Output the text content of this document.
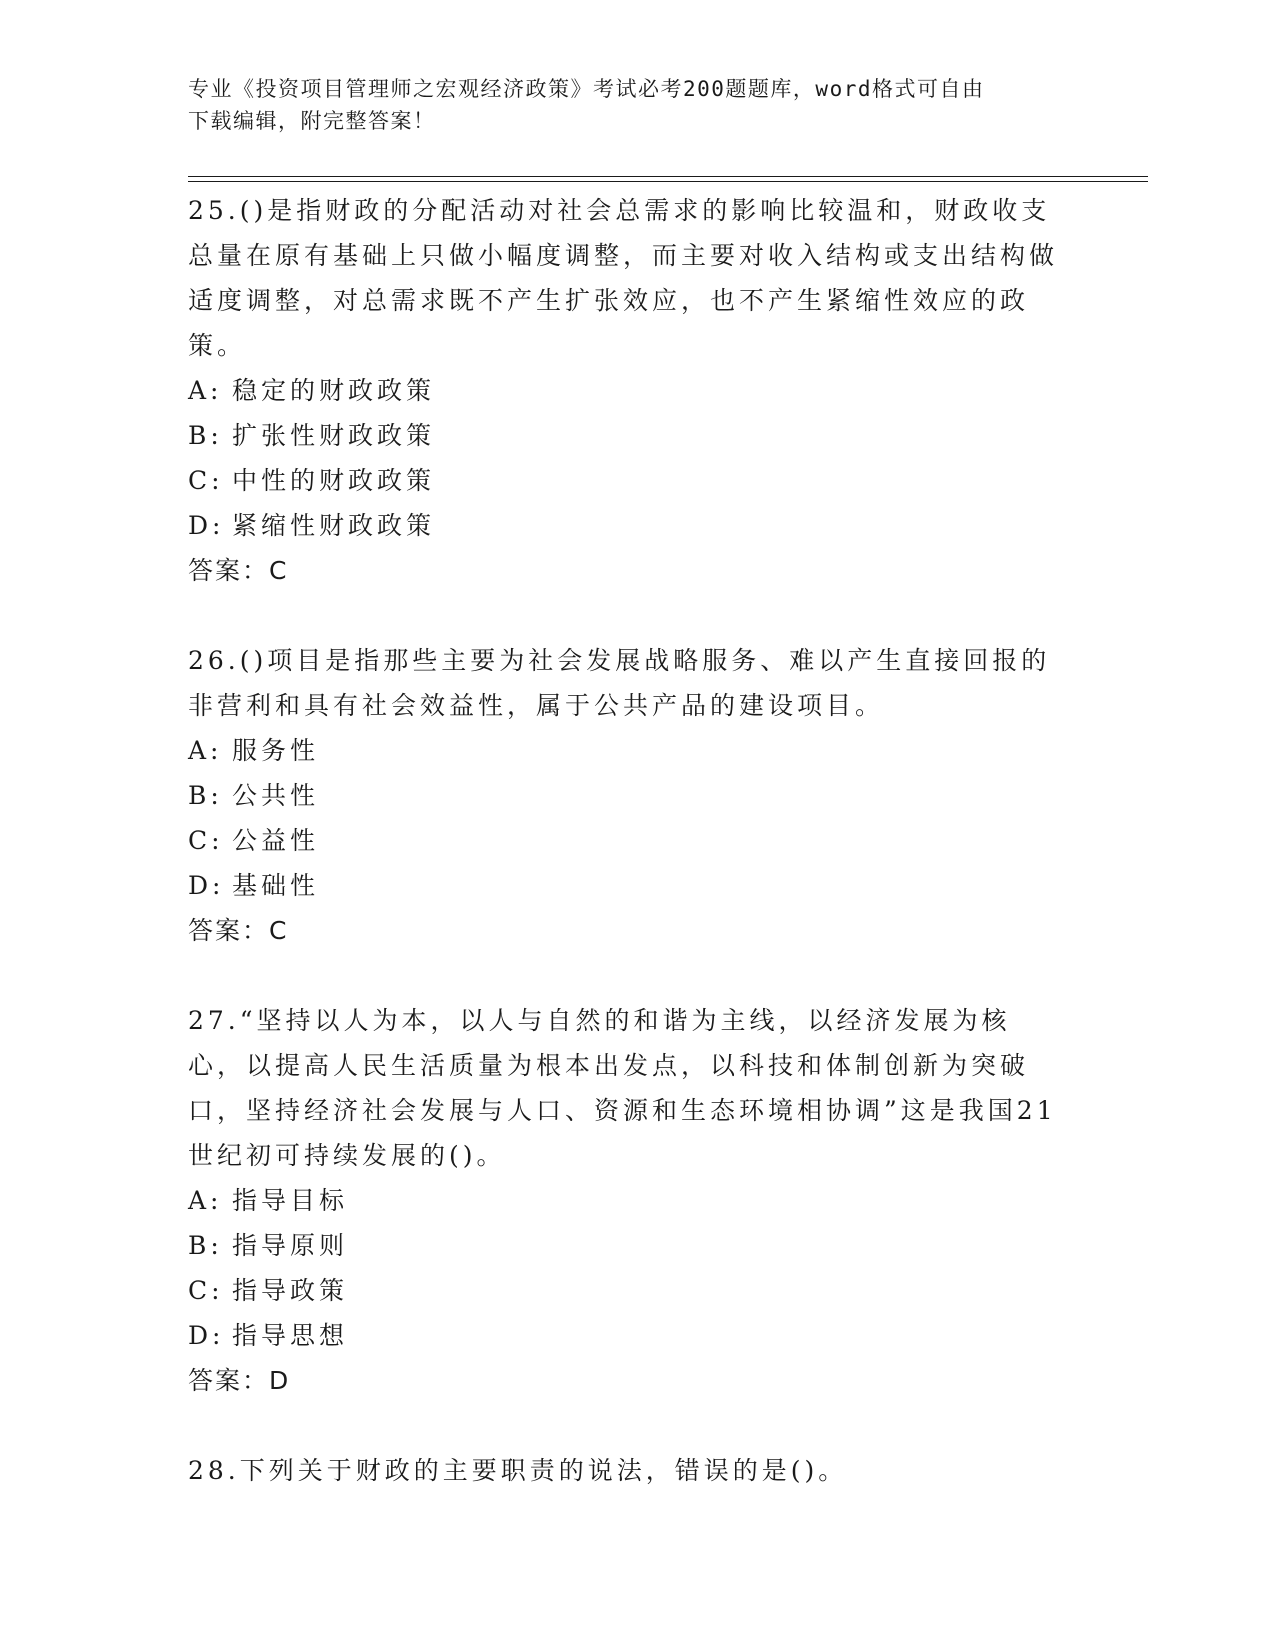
专业《投资项目管理师之宏观经济政策》考试必考200题题库，word格式可自由
下载编辑，附完整答案！
25.()是指财政的分配活动对社会总需求的影响比较温和，财政收支总量在原有基础上只做小幅度调整，而主要对收入结构或支出结构做适度调整，对总需求既不产生扩张效应，也不产生紧缩性效应的政策。
A: 稳定的财政政策
B: 扩张性财政政策
C: 中性的财政政策
D: 紧缩性财政政策
答案：C
26.()项目是指那些主要为社会发展战略服务、难以产生直接回报的非营利和具有社会效益性，属于公共产品的建设项目。
A: 服务性
B: 公共性
C: 公益性
D: 基础性
答案：C
27.“坚持以人为本，以人与自然的和谐为主线，以经济发展为核心，以提高人民生活质量为根本出发点，以科技和体制创新为突破口，坚持经济社会发展与人口、资源和生态环境相协调”这是我国21世纪初可持续发展的()。
A: 指导目标
B: 指导原则
C: 指导政策
D: 指导思想
答案：D
28.下列关于财政的主要职责的说法，错误的是()。
